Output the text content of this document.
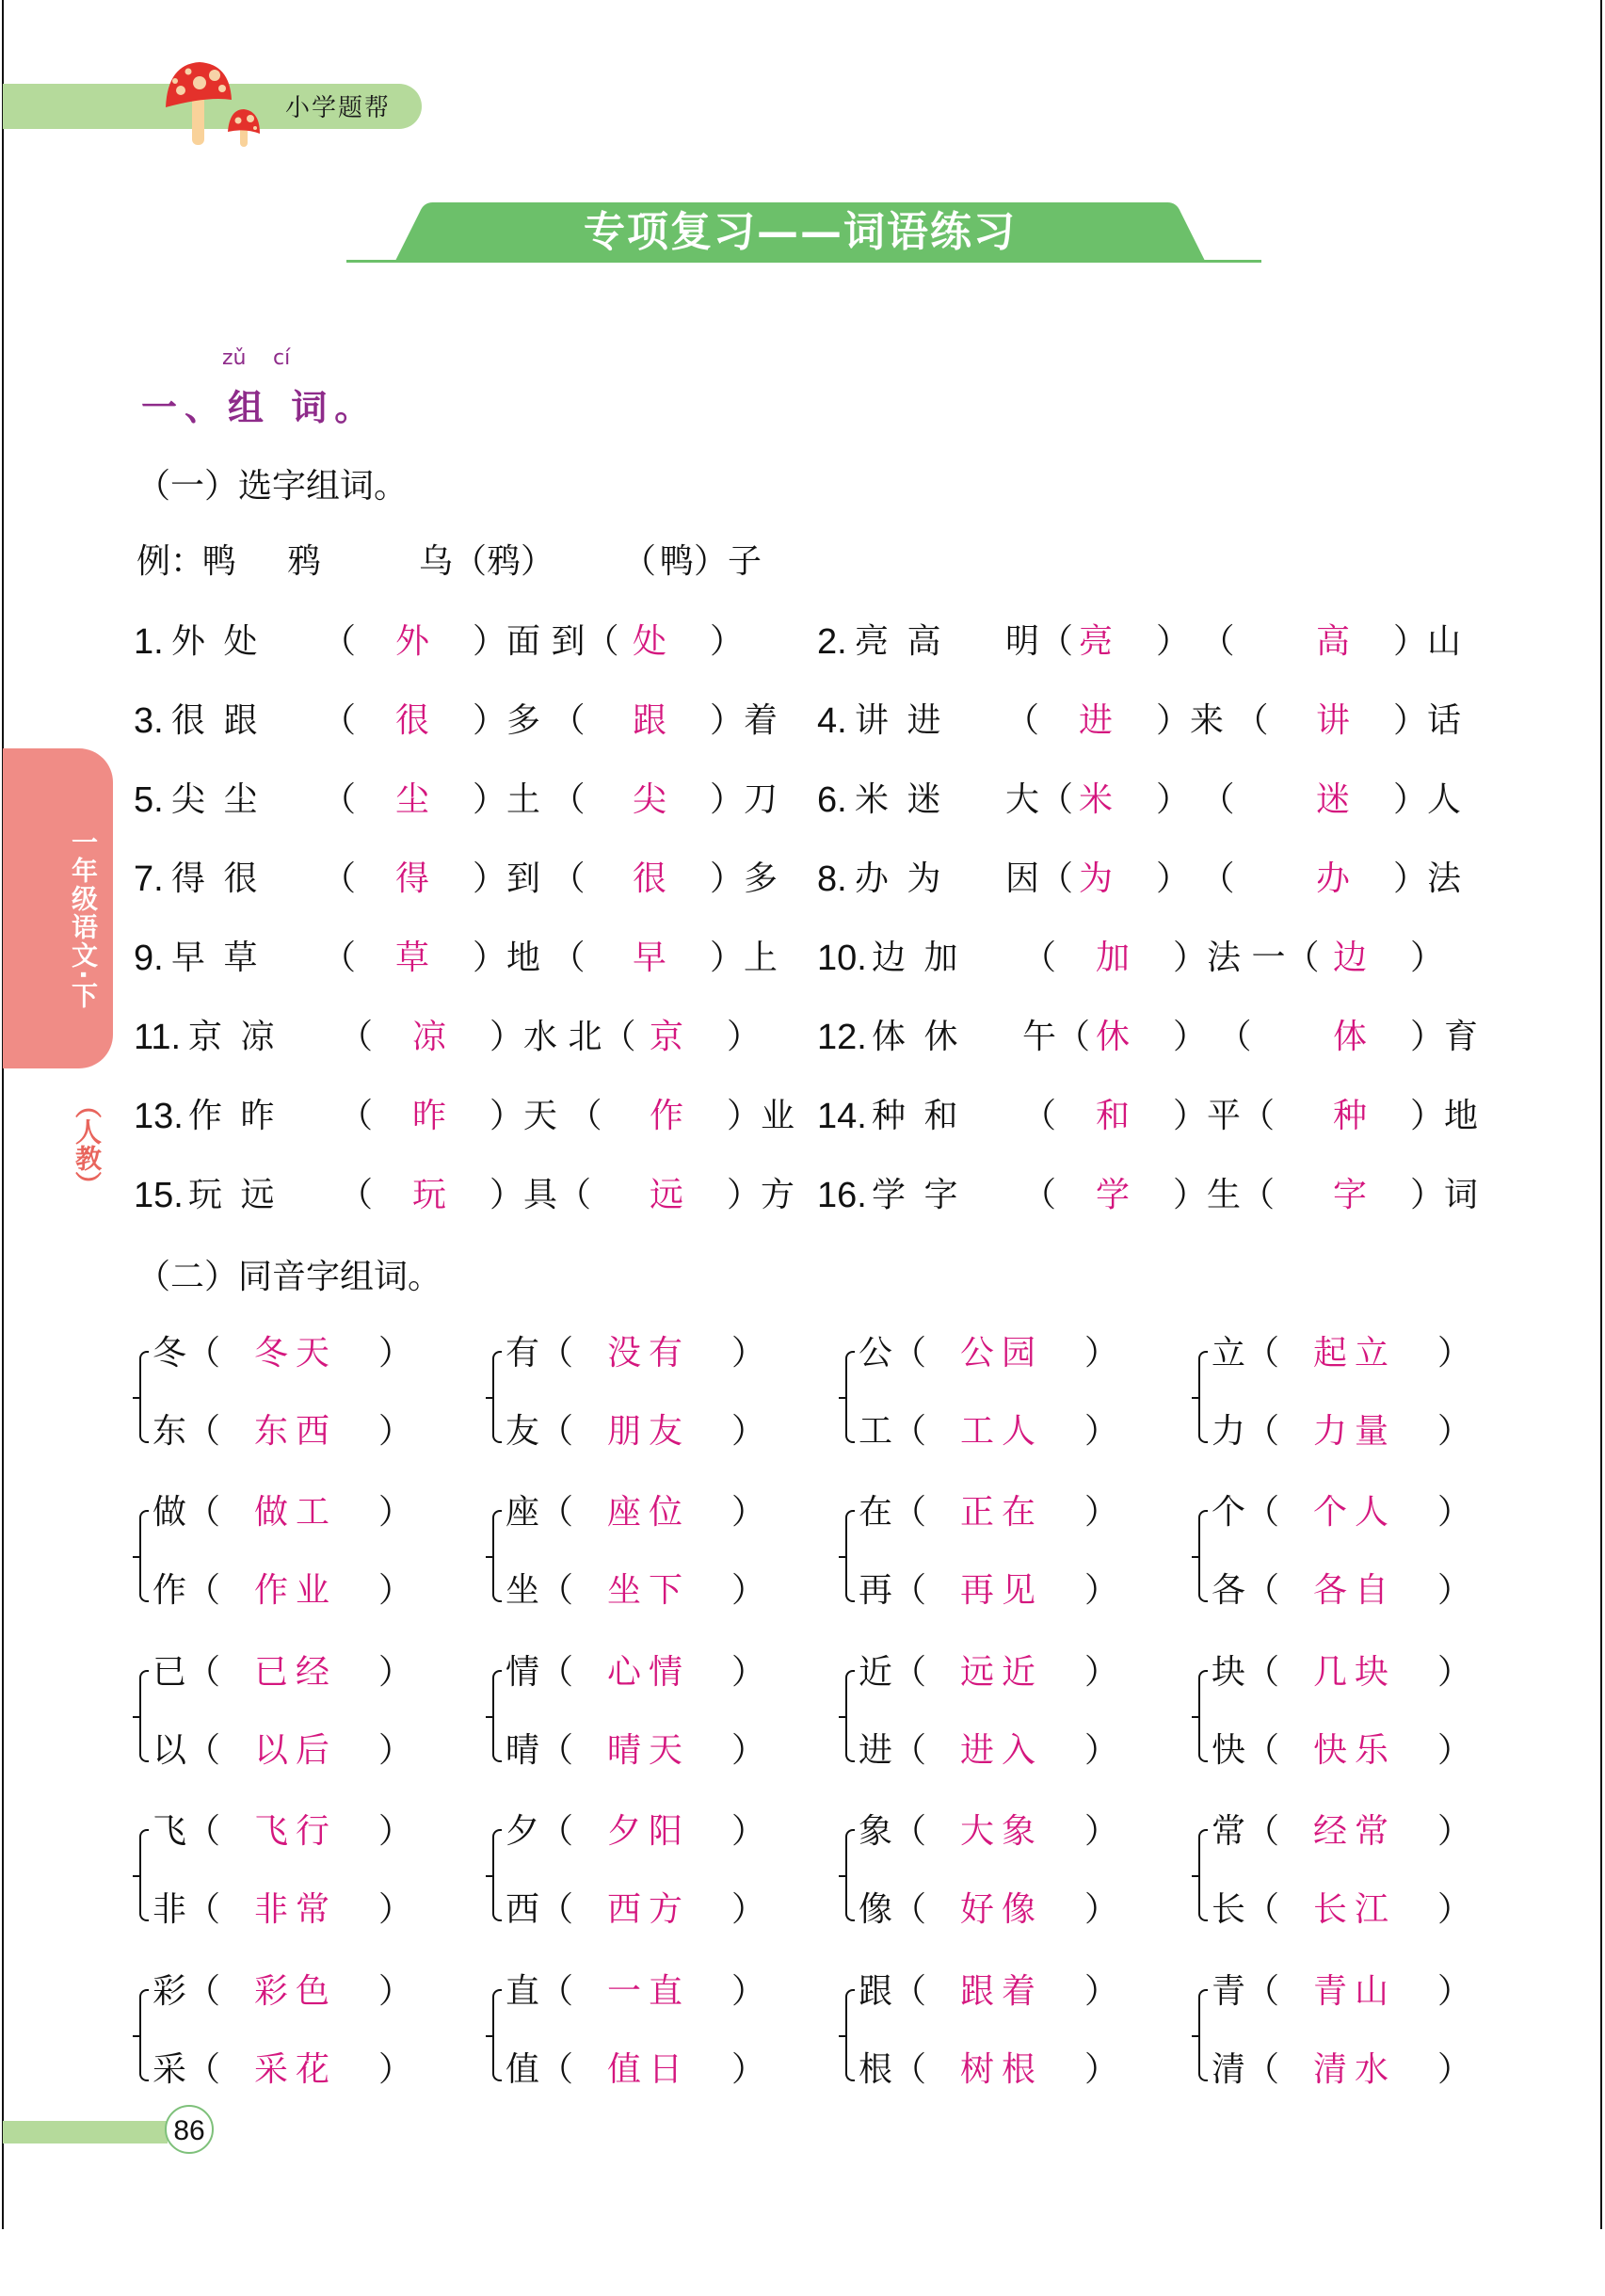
小学题帮
专项复习——词语练习
一年级语文·下
（人教）
zǔ cí
一、组 词。
（一）选字组词。
例：
鸭 鸦	乌（ 鸦 ） （ 鸭 ）子
1. 外 处 （ 外 ）面 到（ 处 ） 2. 亮 高 明（ 亮 ） （ 高 ）山
3. 很 跟 （ 很 ）多 （ 跟 ）着 4. 讲 进 （ 进 ）来 （ 讲 ）话
5. 尖 尘 （ 尘 ）土 （ 尖 ）刀 6. 米 迷 大（ 米 ） （ 迷 ）人
7. 得 很 （ 得 ）到 （ 很 ）多 8. 办 为 因（ 为 ） （ 办 ）法
9. 早 草 （ 草 ）地 （ 早 ）上 10. 边 加 （ 加 ）法 一（ 边 ）
11. 京 凉 （ 凉 ）水 北（ 京 ） 12. 体 休 午（ 休 ） （ 体 ）育
13. 作 昨 （ 昨 ）天 （ 作 ）业 14. 种 和 （ 和 ）平（ 种 ）地
15. 玩 远 （ 玩 ）具（ 远 ）方 16. 学 字 （ 学 ）生（ 字 ）词
（二）同音字组词。
冬 （ 冬天 ）
东 （ 东西 ）
有 （ 没有 ）
友 （ 朋友 ）
公 （ 公园 ）
工 （ 工人 ）
立 （ 起立 ）
力 （ 力量 ）
做 （ 做工 ）
作 （ 作业 ）
座 （ 座位 ）
坐 （ 坐下 ）
在 （ 正在 ）
再 （ 再见 ）
个 （ 个人 ）
各 （ 各自 ）
已 （ 已经 ）
以 （ 以后 ）
情 （ 心情 ）
晴 （ 晴天 ）
近 （ 远近 ）
进 （ 进入 ）
块 （ 几块 ）
快 （ 快乐 ）
飞 （ 飞行 ）
非 （ 非常 ）
夕 （ 夕阳 ）
西 （ 西方 ）
象 （ 大象 ）
像 （ 好像 ）
常 （ 经常 ）
长 （ 长江 ）
彩 （ 彩色 ）
采 （ 采花 ）
直 （ 一直 ）
值 （ 值日 ）
跟 （ 跟着 ）
根 （ 树根 ）
青 （ 青山 ）
清 （ 清水 ）
86
